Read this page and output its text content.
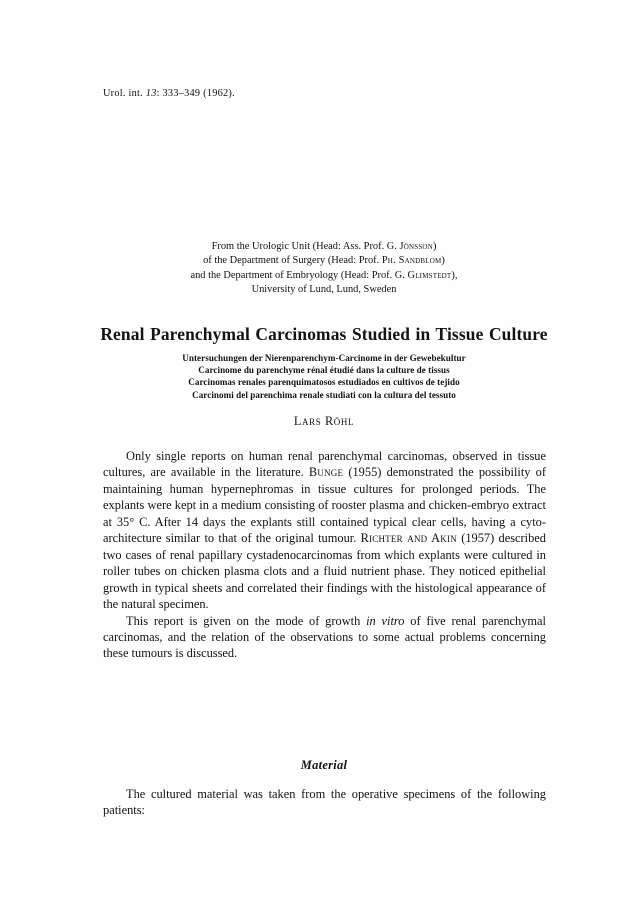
Urol. int. 13: 333–349 (1962).
From the Urologic Unit (Head: Ass. Prof. G. Jönsson)
of the Department of Surgery (Head: Prof. Ph. Sandblom)
and the Department of Embryology (Head: Prof. G. Glimstedt),
University of Lund, Lund, Sweden
Renal Parenchymal Carcinomas Studied in Tissue Culture
Untersuchungen der Nierenparenchym-Carcinome in der Gewebekultur
Carcinome du parenchyme rénal étudié dans la culture de tissus
Carcinomas renales parenquimatosos estudiados en cultivos de tejido
Carcinomi del parenchima renale studiati con la cultura del tessuto
Lars Röhl

Only single reports on human renal parenchymal carcinomas, observed in tissue cultures, are available in the literature. Bunge (1955) demonstrated the possibility of maintaining human hypernephromas in tissue cultures for prolonged periods. The explants were kept in a medium consisting of rooster plasma and chicken-embryo extract at 35° C. After 14 days the explants still contained typical clear cells, having a cyto-architecture similar to that of the original tumour. Richter and Akin (1957) described two cases of renal papillary cystadenocarcinomas from which explants were cultured in roller tubes on chicken plasma clots and a fluid nutrient phase. They noticed epithelial growth in typical sheets and correlated their findings with the histological appearance of the natural specimen.

This report is given on the mode of growth in vitro of five renal parenchymal carcinomas, and the relation of the observations to some actual problems concerning these tumours is discussed.

Material

The cultured material was taken from the operative specimens of the following patients:
